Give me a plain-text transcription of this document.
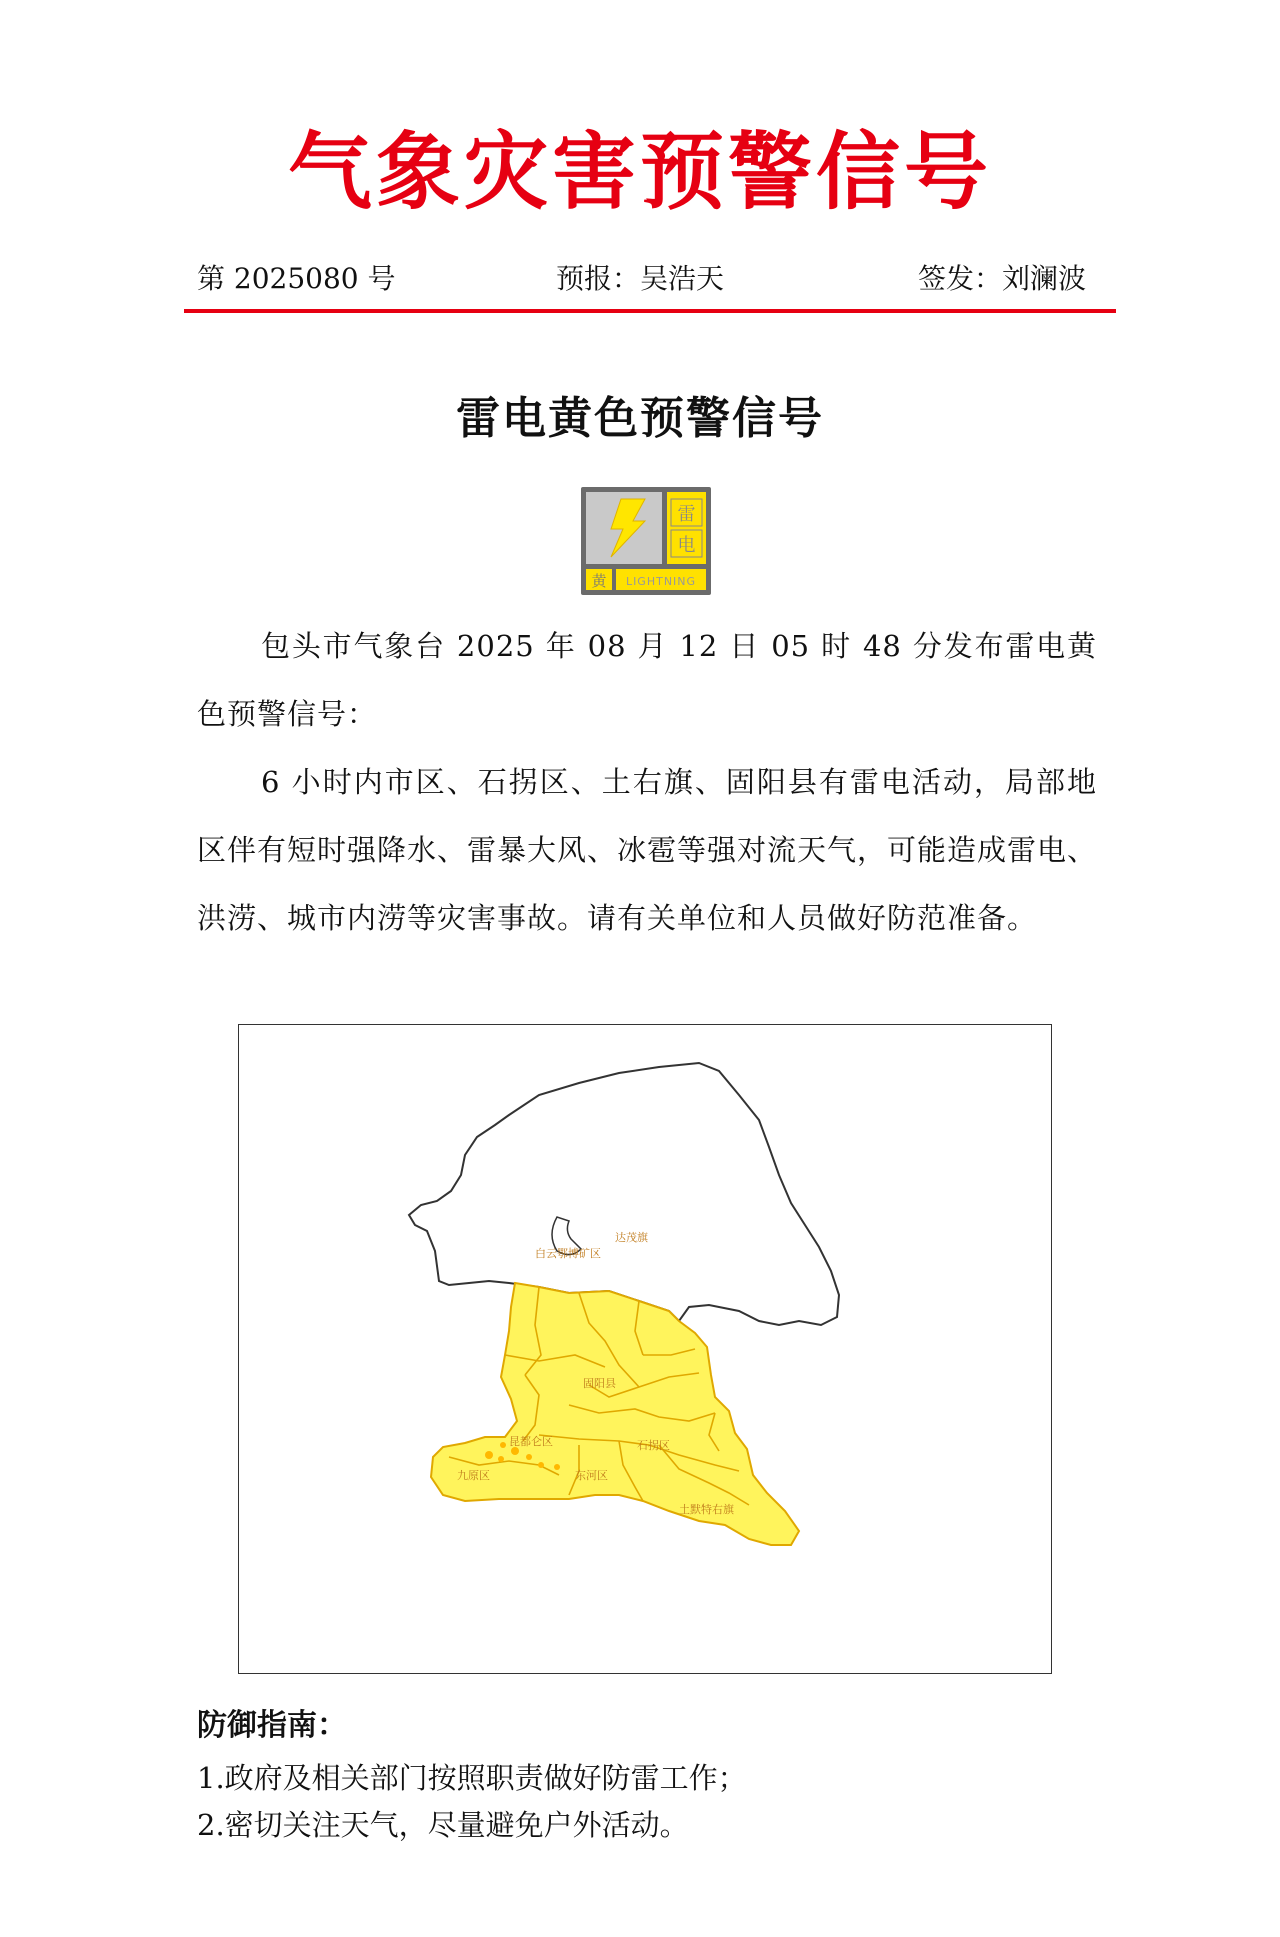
气象灾害预警信号
第 2025080 号	预报：吴浩天	签发：刘澜波
雷电黄色预警信号
雷
电
黄 LIGHTNING

包头市气象台 2025 年 08 月 12 日 05 时 48 分发布雷电黄色预警信号：

6 小时内市区、石拐区、土右旗、固阳县有雷电活动，局部地区伴有短时强降水、雷暴大风、冰雹等强对流天气，可能造成雷电、洪涝、城市内涝等灾害事故。请有关单位和人员做好防范准备。

达茂旗
白云鄂博矿区
固阳县
石拐区
土默特右旗
九原区
昆都仑区
东河区
防御指南：
1.政府及相关部门按照职责做好防雷工作；
2.密切关注天气，尽量避免户外活动。
